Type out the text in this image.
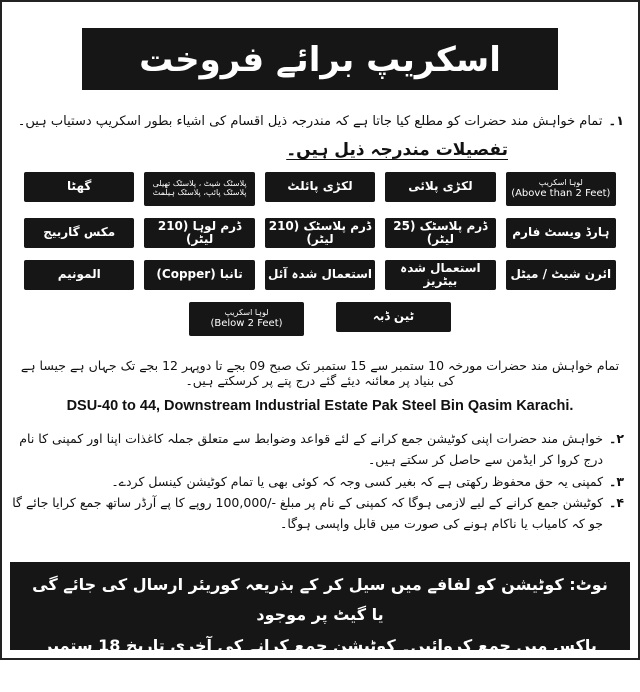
اسکریپ برائے فروخت
۱۔
تمام خواہش مند حضرات کو مطلع کیا جاتا ہے کہ مندرجہ ذیل اقسام کی اشیاء بطور اسکریپ دستیاب ہیں۔
تفصیلات مندرجہ ذیل ہیں۔
لوہا اسکریپ
(Above than 2 Feet)
لکڑی پلائی
لکڑی پائلٹ
پلاسٹک شیٹ ، پلاسٹک تھیلی
پلاسٹک پائپ، پلاسٹک ہیلمٹ
گھٹا
ہارڈ ویسٹ فارم
ڈرم پلاسٹک (25 لیٹر)
ڈرم پلاسٹک (210 لیٹر)
ڈرم لوہا (210 لیٹر)
مکس گاربیج
ائرن شیٹ / میٹل
استعمال شدہ بیٹریز
استعمال شدہ آئل
تانبا (Copper)
المونیم
ٹین ڈبہ
لوہا اسکریپ
(Below 2 Feet)
تمام خواہش مند حضرات مورخہ 10 ستمبر سے 15 ستمبر تک صبح 09 بجے تا دوپہر 12 بجے تک جہاں ہے جیسا ہے کی بنیاد پر معائنہ دیئے گئے درج پتے پر کرسکتے ہیں۔
DSU-40 to 44, Downstream Industrial Estate Pak Steel Bin Qasim Karachi.
۲۔
خواہش مند حضرات اپنی کوٹیشن جمع کرانے کے لئے قواعد وضوابط سے متعلق جملہ کاغذات اپنا اور کمپنی کا نام درج کروا کر ایڈمن سے حاصل کر سکتے ہیں۔
۳۔
کمپنی یہ حق محفوظ رکھتی ہے کہ بغیر کسی وجہ کہ کوئی بھی یا تمام کوٹیشن کینسل کردے۔
۴۔
کوٹیشن جمع کرانے کے لیے لازمی ہوگا کہ کمپنی کے نام پر مبلغ -/100,000 روپے کا پے آرڈر ساتھ جمع کرایا جائے گا جو کہ کامیاب یا ناکام ہونے کی صورت میں قابل واپسی ہوگا۔
نوٹ: کوٹیشن کو لفافے میں سیل کر کے بذریعہ کوریئر ارسال کی جائے گی یا گیٹ پر موجود
باکس میں جمع کروائیں۔ کوٹیشن جمع کرانے کی آخری تاریخ 18 ستمبر 2025 ہے۔
